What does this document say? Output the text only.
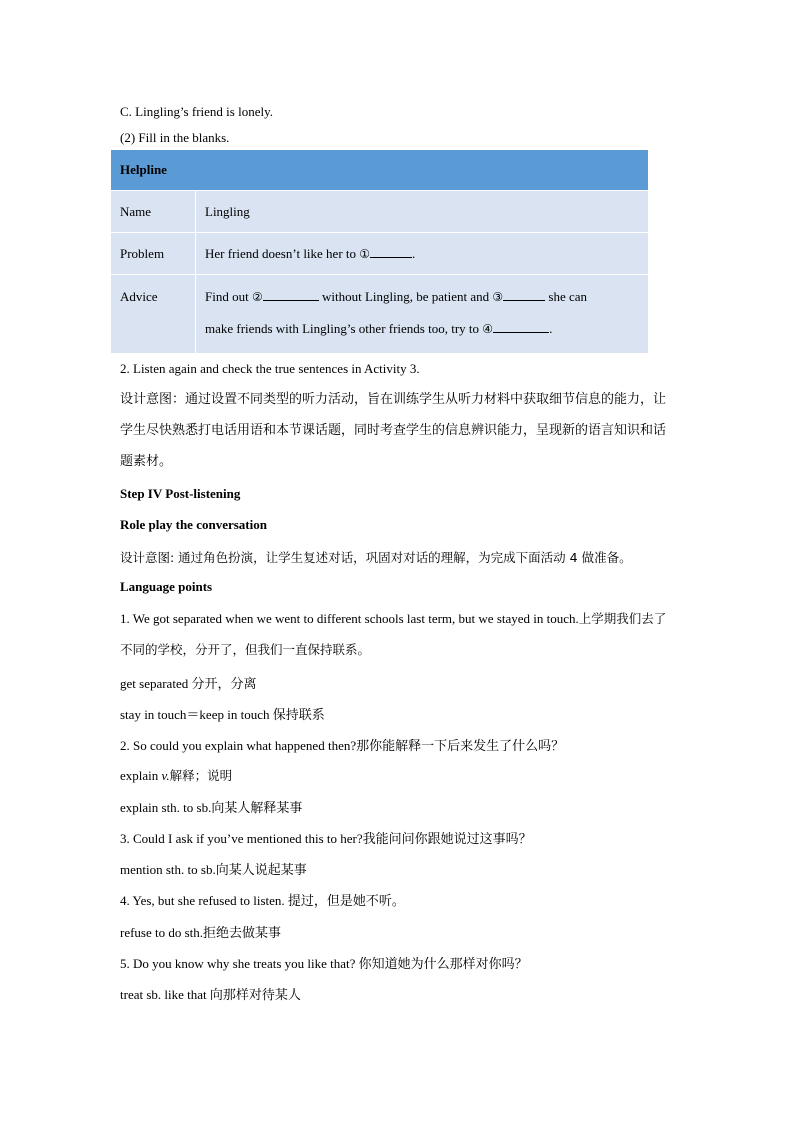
C. Lingling’s friend is lonely.
(2) Fill in the blanks.
Helpline	
Name	Lingling
Problem	Her friend doesn’t like her to ① .
Advice	Find out ② without Lingling, be patient and ③ she can
make friends with Lingling’s other friends too, try to ④ .
2. Listen again and check the true sentences in Activity 3.
设计意图：通过设置不同类型的听力活动，旨在训练学生从听力材料中获取细节信息的能力，让学生尽快熟悉打电话用语和本节课话题，同时考查学生的信息辨识能力，呈现新的语言知识和话题素材。
Step IV Post-listening
Role play the conversation
设计意图: 通过角色扮演，让学生复述对话，巩固对对话的理解，为完成下面活动 4 做准备。
Language points
1. We got separated when we went to different schools last term, but we stayed in touch.上学期我们去了不同的学校，分开了，但我们一直保持联系。
get separated 分开，分离
stay in touch＝keep in touch 保持联系
2. So could you explain what happened then?那你能解释一下后来发生了什么吗？
explain v.解释；说明
explain sth. to sb.向某人解释某事
3. Could I ask if you’ve mentioned this to her?我能问问你跟她说过这事吗？
mention sth. to sb.向某人说起某事
4. Yes, but she refused to listen. 提过，但是她不听。
refuse to do sth.拒绝去做某事
5. Do you know why she treats you like that? 你知道她为什么那样对你吗？
treat sb. like that 向那样对待某人
